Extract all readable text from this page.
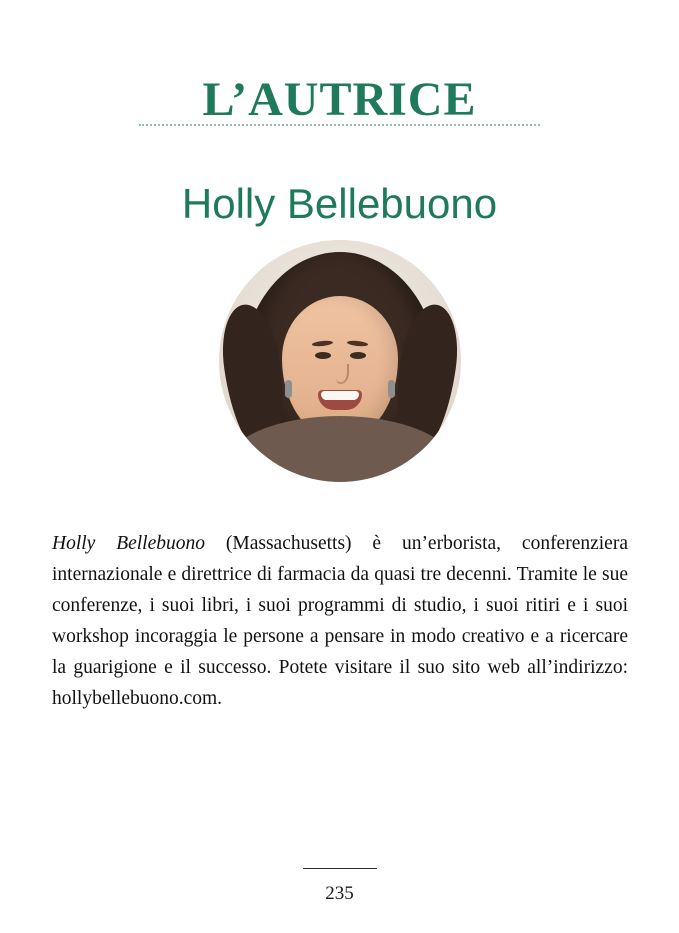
L’AUTRICE
Holly Bellebuono

Holly Bellebuono (Massachusetts) è un’erborista, conferenziera internazionale e direttrice di farmacia da quasi tre decenni. Tramite le sue conferenze, i suoi libri, i suoi programmi di studio, i suoi ritiri e i suoi workshop incoraggia le persone a pensare in modo creativo e a ricercare la guarigione e il successo. Potete visitare il suo sito web all’indirizzo: hollybellebuono.com.

235
